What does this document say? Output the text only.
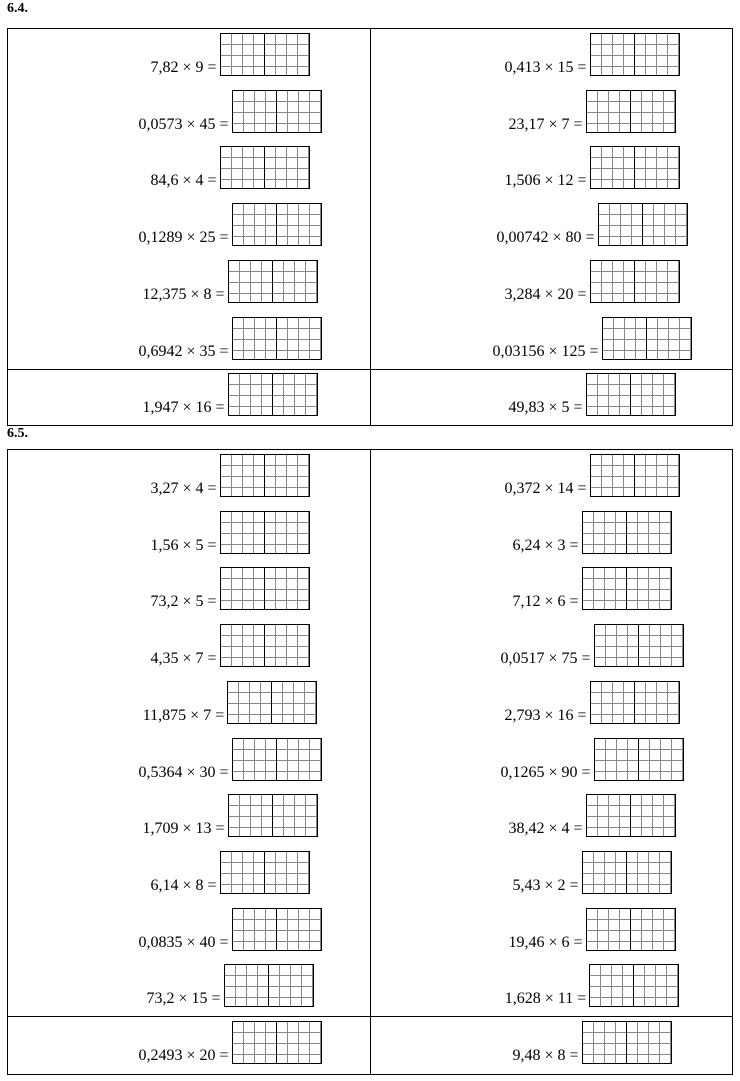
6.4.
7,82 × 9 =	0,413 × 15 =
0,0573 × 45 =	23,17 × 7 =
84,6 × 4 =	1,506 × 12 =
0,1289 × 25 =	0,00742 × 80 =
12,375 × 8 =	3,284 × 20 =
0,6942 × 35 =	0,03156 × 125 =
1,947 × 16 =	49,83 × 5 =
6.5.
3,27 × 4 =	0,372 × 14 =
1,56 × 5 =	6,24 × 3 =
73,2 × 5 =	7,12 × 6 =
4,35 × 7 =	0,0517 × 75 =
11,875 × 7 =	2,793 × 16 =
0,5364 × 30 =	0,1265 × 90 =
1,709 × 13 =	38,42 × 4 =
6,14 × 8 =	5,43 × 2 =
0,0835 × 40 =	19,46 × 6 =
73,2 × 15 =	1,628 × 11 =
0,2493 × 20 =	9,48 × 8 =
